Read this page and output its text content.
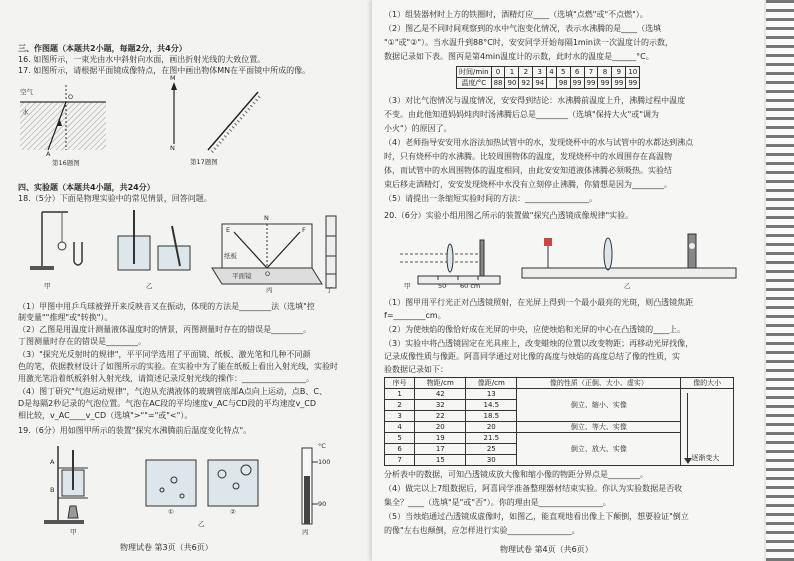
三、作图题（本题共2小题，每题2分，共4分）
16. 如图所示，一束光由水中斜射向水面，画出折射光线的大致位置。
17. 如图所示，请根据平面镜成像特点，在图中画出物体MN在平面镜中所成的像。
空气
水
O
A
第16题图
M
N
第17题图
四、实验题（本题共4小题，共24分）
18.（5分）下面是物理实验中的常见情景，回答问题。
甲	乙	丙	丁
纸板
平面镜
N
E	F
O
（1）甲图中用乒乓球被弹开来反映音叉在振动，体现的方法是________法（选填"控
制变量""推理"或"转换"）。
（2）乙图是用温度计测量液体温度时的情景，丙图测量时存在的错误是________。
丁图测量时存在的错误是________。
（3）"探究光反射时的规律"，平平同学选用了平面镜、纸板、激光笔和几种不同颜
色的笔，依据教材设计了如图所示的实验。在实验中为了能在纸板上看出入射光线，实验时
用激光笔沿着纸板斜射入射光线，请简述记录反射光线的操作：________________。
（4）图丁研究"气泡运动规律"，气泡从充满液体的玻璃管底部A点向上运动，点B、C、
D是每隔2秒记录的气泡位置。气泡在AC段的平均速度v_AC与CD段的平均速度v_CD
相比较，v_AC____v_CD（选填">""="或"<"）。
19.（6分）用如图甲所示的装置"探究水沸腾前后温度变化特点"。
A
B
甲
①	②
乙
°C
100
90
丙
物理试卷 第3页（共6页）
（1）组装器材时上方的铁圈时，酒精灯应____（选填"点燃"或"不点燃"）。
（2）图乙是不同时间观察到的水中气泡变化情况，表示水沸腾的是____（选填
"①"或"②"）。当水温升到88°C时，安安同学开始每隔1min读一次温度计的示数，
数据记录如下表。图丙是第4min温度计的示数，此时水的温度是______°C。
时间/min	0	1	2	3	4	5	6	7	8	9	10
温度/°C	88	90	92	94		98	99	99	99	99	99
（3）对比气泡情况与温度情况，安安得到结论：水沸腾前温度上升，沸腾过程中温度
不变。由此他知道妈妈炖肉时汤沸腾后总是________（选填"保持大火"或"调为
小火"）的原因了。
（4）老师指导安安用水浴法加热试管中的水，发现烧杯中的水与试管中的水都达到沸点
时，只有烧杯中的水沸腾。比较周围物体的温度，发现烧杯中的水周围存在高温物
体，而试管中的水周围物体的温度相同，由此安安知道液体沸腾必须吸热。实验结
束后移走酒精灯，安安发现烧杯中水没有立刻停止沸腾，你猜想是因为________。
（5）请提出一条缩短实验时间的方法：________________。
20.（6分）实验小组用图乙所示的装置做"探究凸透镜成像规律"实验。
50 60 cm
甲	乙
（1）图甲用平行光正对凸透镜照射，在光屏上得到一个最小最亮的光斑，则凸透镜焦距
f=________cm。
（2）为使烛焰的像恰好成在光屏的中央，应使烛焰和光屏的中心在凸透镜的____上。
（3）实验中将凸透镜固定在光具座上，改变蜡烛的位置以改变物距；再移动光屏找像，
记录成像性质与像距。阿喜同学通过对比像的高度与烛焰的高度总结了像的性质，实
验数据记录如下：
序号	物距/cm	像距/cm	像的性质（正倒、大小、虚实）	像的大小
1	42	13	倒立、缩小、实像	逐渐变大

2	32	14.5		
3	22	18.5		
4	20	20	倒立、等大、实像	
5	19	21.5	倒立、放大、实像	
6	17	25		
7	15	30		
分析表中的数据，可知凸透镜成放大像和缩小像的物距分界点是________。
（4）做完以上7组数据后，阿喜同学准备整理器材结束实验。你认为实验数据是否收
集全？____（选填"是"或"否"）。你的理由是________________。
（5）当烛焰通过凸透镜成虚像时，如图乙，能直观地看出像上下颠倒，想要验证"倒立
的像"左右也颠倒，应怎样进行实验________________。
物理试卷 第4页（共6页）
